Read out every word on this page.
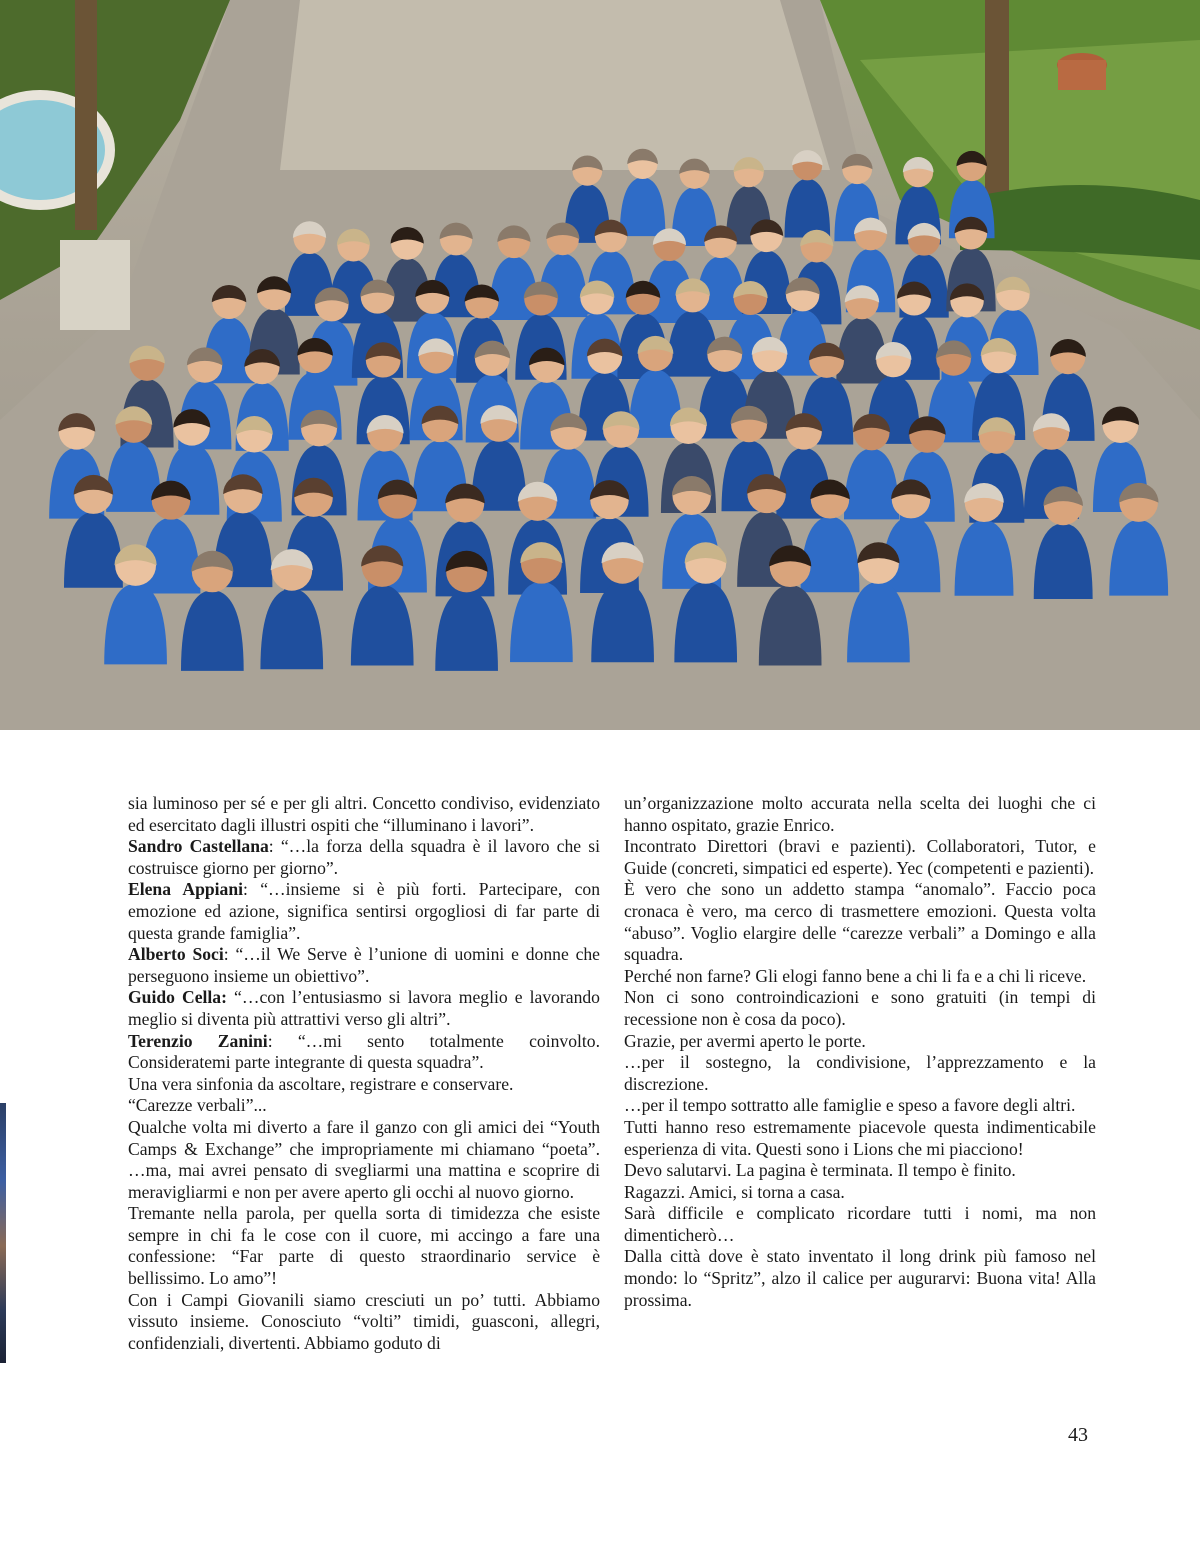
sia luminoso per sé e per gli altri. Concetto condiviso, evidenziato ed esercitato dagli illustri ospiti che “illuminano i lavori”.

Sandro Castellana: “…la forza della squadra è il lavoro che si costruisce giorno per giorno”.

Elena Appiani: “…insieme si è più forti. Partecipare, con emozione ed azione, significa sentirsi orgogliosi di far parte di questa grande famiglia”.

Alberto Soci: “…il We Serve è l’unione di uomini e donne che perseguono insieme un obiettivo”.

Guido Cella: “…con l’entusiasmo si lavora meglio e lavorando meglio si diventa più attrattivi verso gli altri”.

Terenzio Zanini: “…mi sento totalmente coinvolto. Consideratemi parte integrante di questa squadra”.

Una vera sinfonia da ascoltare, registrare e conservare.

“Carezze verbali”...

Qualche volta mi diverto a fare il ganzo con gli amici dei “Youth Camps & Exchange” che impropriamente mi chiamano “poeta”. …ma, mai avrei pensato di svegliarmi una mattina e scoprire di meravigliarmi e non per avere aperto gli occhi al nuovo giorno.

Tremante nella parola, per quella sorta di timidezza che esiste sempre in chi fa le cose con il cuore, mi accingo a fare una confessione: “Far parte di questo straordinario service è bellissimo. Lo amo”!

Con i Campi Giovanili siamo cresciuti un po’ tutti. Abbiamo vissuto insieme. Conosciuto “volti” timidi, guasconi, allegri, confidenziali, divertenti. Abbiamo goduto di

un’organizzazione molto accurata nella scelta dei luoghi che ci hanno ospitato, grazie Enrico.

Incontrato Direttori (bravi e pazienti). Collaboratori, Tutor, e Guide (concreti, simpatici ed esperte). Yec (competenti e pazienti).

È vero che sono un addetto stampa “anomalo”. Faccio poca cronaca è vero, ma cerco di trasmettere emozioni. Questa volta “abuso”. Voglio elargire delle “carezze verbali” a Domingo e alla squadra.

Perché non farne? Gli elogi fanno bene a chi li fa e a chi li riceve.

Non ci sono controindicazioni e sono gratuiti (in tempi di recessione non è cosa da poco).

Grazie, per avermi aperto le porte.

…per il sostegno, la condivisione, l’apprezzamento e la discrezione.

…per il tempo sottratto alle famiglie e speso a favore degli altri.

Tutti hanno reso estremamente piacevole questa indimenticabile esperienza di vita. Questi sono i Lions che mi piacciono!

Devo salutarvi. La pagina è terminata. Il tempo è finito.

Ragazzi. Amici, si torna a casa.

Sarà difficile e complicato ricordare tutti i nomi, ma non dimenticherò…

Dalla città dove è stato inventato il long drink più famoso nel mondo: lo “Spritz”, alzo il calice per augurarvi: Buona vita! Alla prossima.

43
